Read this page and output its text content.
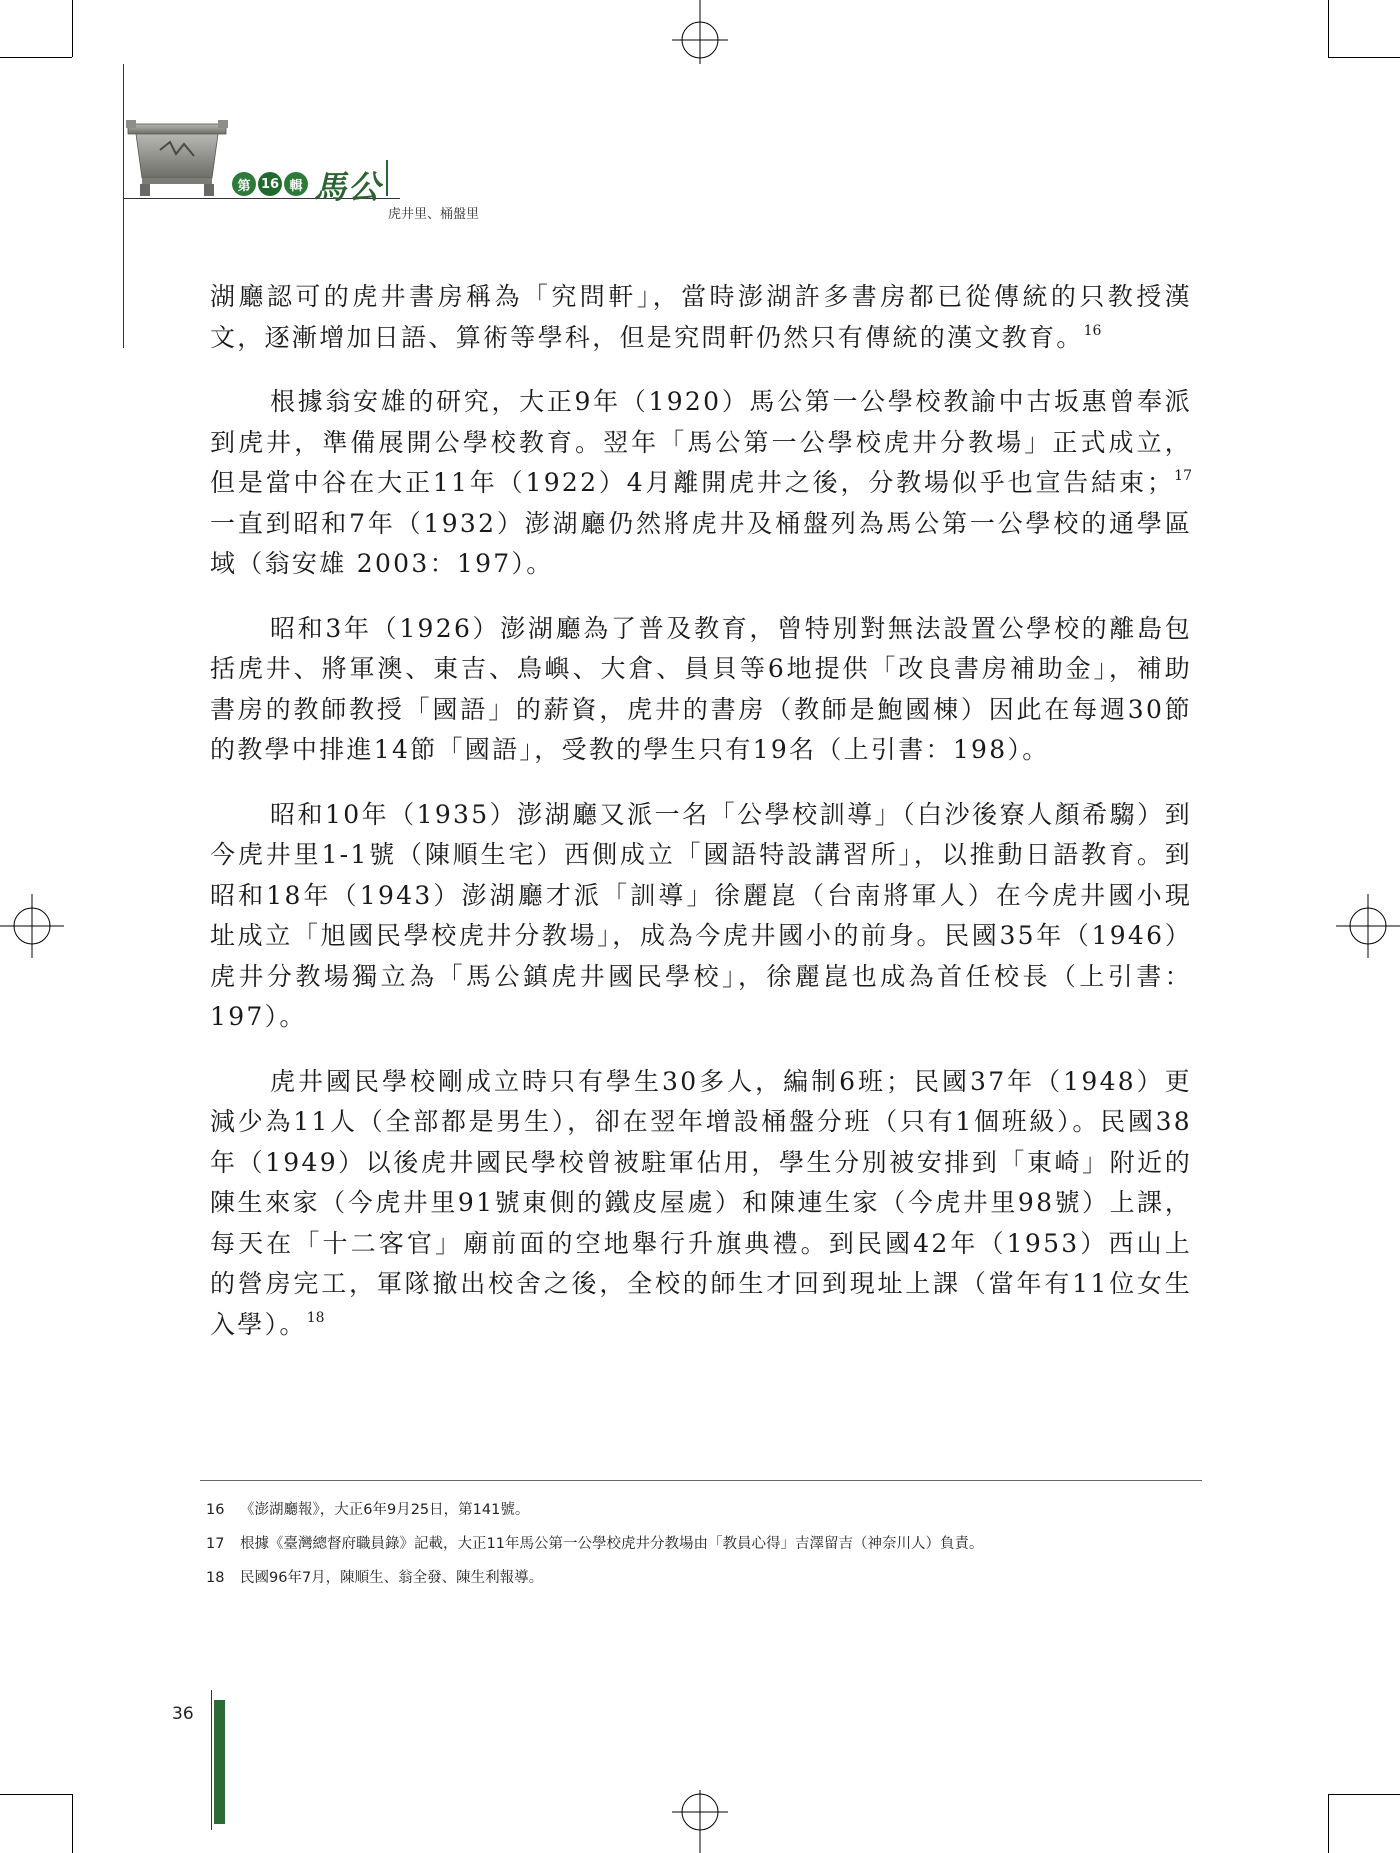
第 16 輯 馬公
虎井里、桶盤里

湖廳認可的虎井書房稱為「究問軒」，當時澎湖許多書房都已從傳統的只教授漢文，逐漸增加日語、算術等學科，但是究問軒仍然只有傳統的漢文教育。$^{16}$

根據翁安雄的研究，大正9年（1920）馬公第一公學校教諭中古坂惠曾奉派到虎井，準備展開公學校教育。翌年「馬公第一公學校虎井分教場」正式成立，但是當中谷在大正11年（1922）4月離開虎井之後，分教場似乎也宣告結束；$^{17}$一直到昭和7年（1932）澎湖廳仍然將虎井及桶盤列為馬公第一公學校的通學區域（翁安雄 2003：197）。

昭和3年（1926）澎湖廳為了普及教育，曾特別對無法設置公學校的離島包括虎井、將軍澳、東吉、鳥嶼、大倉、員貝等6地提供「改良書房補助金」，補助書房的教師教授「國語」的薪資，虎井的書房（教師是鮑國棟）因此在每週30節的教學中排進14節「國語」，受教的學生只有19名（上引書：198）。

昭和10年（1935）澎湖廳又派一名「公學校訓導」（白沙後寮人顏希騶）到今虎井里1-1號（陳順生宅）西側成立「國語特設講習所」，以推動日語教育。到昭和18年（1943）澎湖廳才派「訓導」徐麗崑（台南將軍人）在今虎井國小現址成立「旭國民學校虎井分教場」，成為今虎井國小的前身。民國35年（1946）虎井分教場獨立為「馬公鎮虎井國民學校」，徐麗崑也成為首任校長（上引書：197）。

虎井國民學校剛成立時只有學生30多人，編制6班；民國37年（1948）更減少為11人（全部都是男生），卻在翌年增設桶盤分班（只有1個班級）。民國38年（1949）以後虎井國民學校曾被駐軍佔用，學生分別被安排到「東崎」附近的陳生來家（今虎井里91號東側的鐵皮屋處）和陳連生家（今虎井里98號）上課，每天在「十二客官」廟前面的空地舉行升旗典禮。到民國42年（1953）西山上的營房完工，軍隊撤出校舍之後，全校的師生才回到現址上課（當年有11位女生入學）。$^{18}$

16	《澎湖廳報》，大正6年9月25日，第141號。
17	根據《臺灣總督府職員錄》記載，大正11年馬公第一公學校虎井分教場由「教員心得」吉澤留吉（神奈川人）負責。
18	民國96年7月，陳順生、翁全發、陳生利報導。
36
